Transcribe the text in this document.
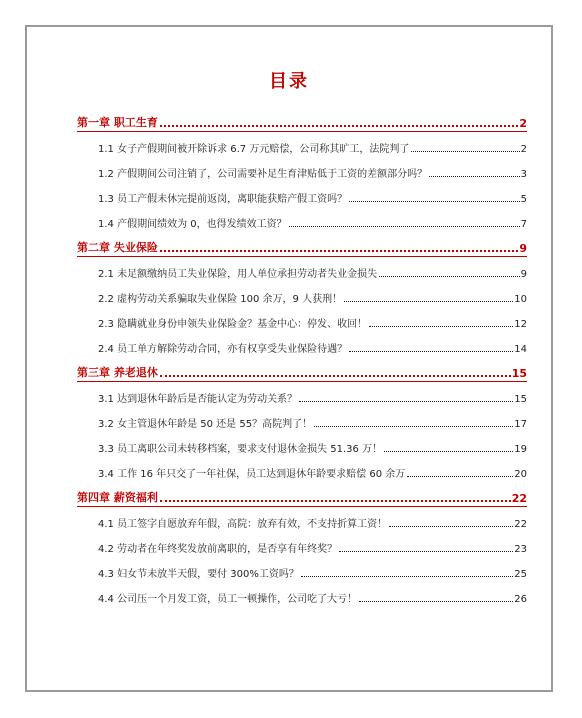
目录
第一章 职工生育	2
1.1 女子产假期间被开除诉求 6.7 万元赔偿，公司称其旷工，法院判了	2
1.2 产假期间公司注销了，公司需要补足生育津贴低于工资的差额部分吗？	3
1.3 员工产假未休完提前返岗，离职能获赔产假工资吗？	5
1.4 产假期间绩效为 0，也得发绩效工资？	7
第二章 失业保险	9
2.1 未足额缴纳员工失业保险，用人单位承担劳动者失业金损失	9
2.2 虚构劳动关系骗取失业保险 100 余万，9 人获刑！	10
2.3 隐瞒就业身份申领失业保险金？基金中心：停发、收回！	12
2.4 员工单方解除劳动合同，亦有权享受失业保险待遇？	14
第三章 养老退休	15
3.1 达到退休年龄后是否能认定为劳动关系？	15
3.2 女主管退休年龄是 50 还是 55？高院判了！	17
3.3 员工离职公司未转移档案，要求支付退休金损失 51.36 万！	19
3.4 工作 16 年只交了一年社保，员工达到退休年龄要求赔偿 60 余万	20
第四章 薪资福利	22
4.1 员工签字自愿放弃年假，高院：放弃有效，不支持折算工资！	22
4.2 劳动者在年终奖发放前离职的，是否享有年终奖？	23
4.3 妇女节未放半天假，要付 300%工资吗？	25
4.4 公司压一个月发工资，员工一顿操作，公司吃了大亏！	26
